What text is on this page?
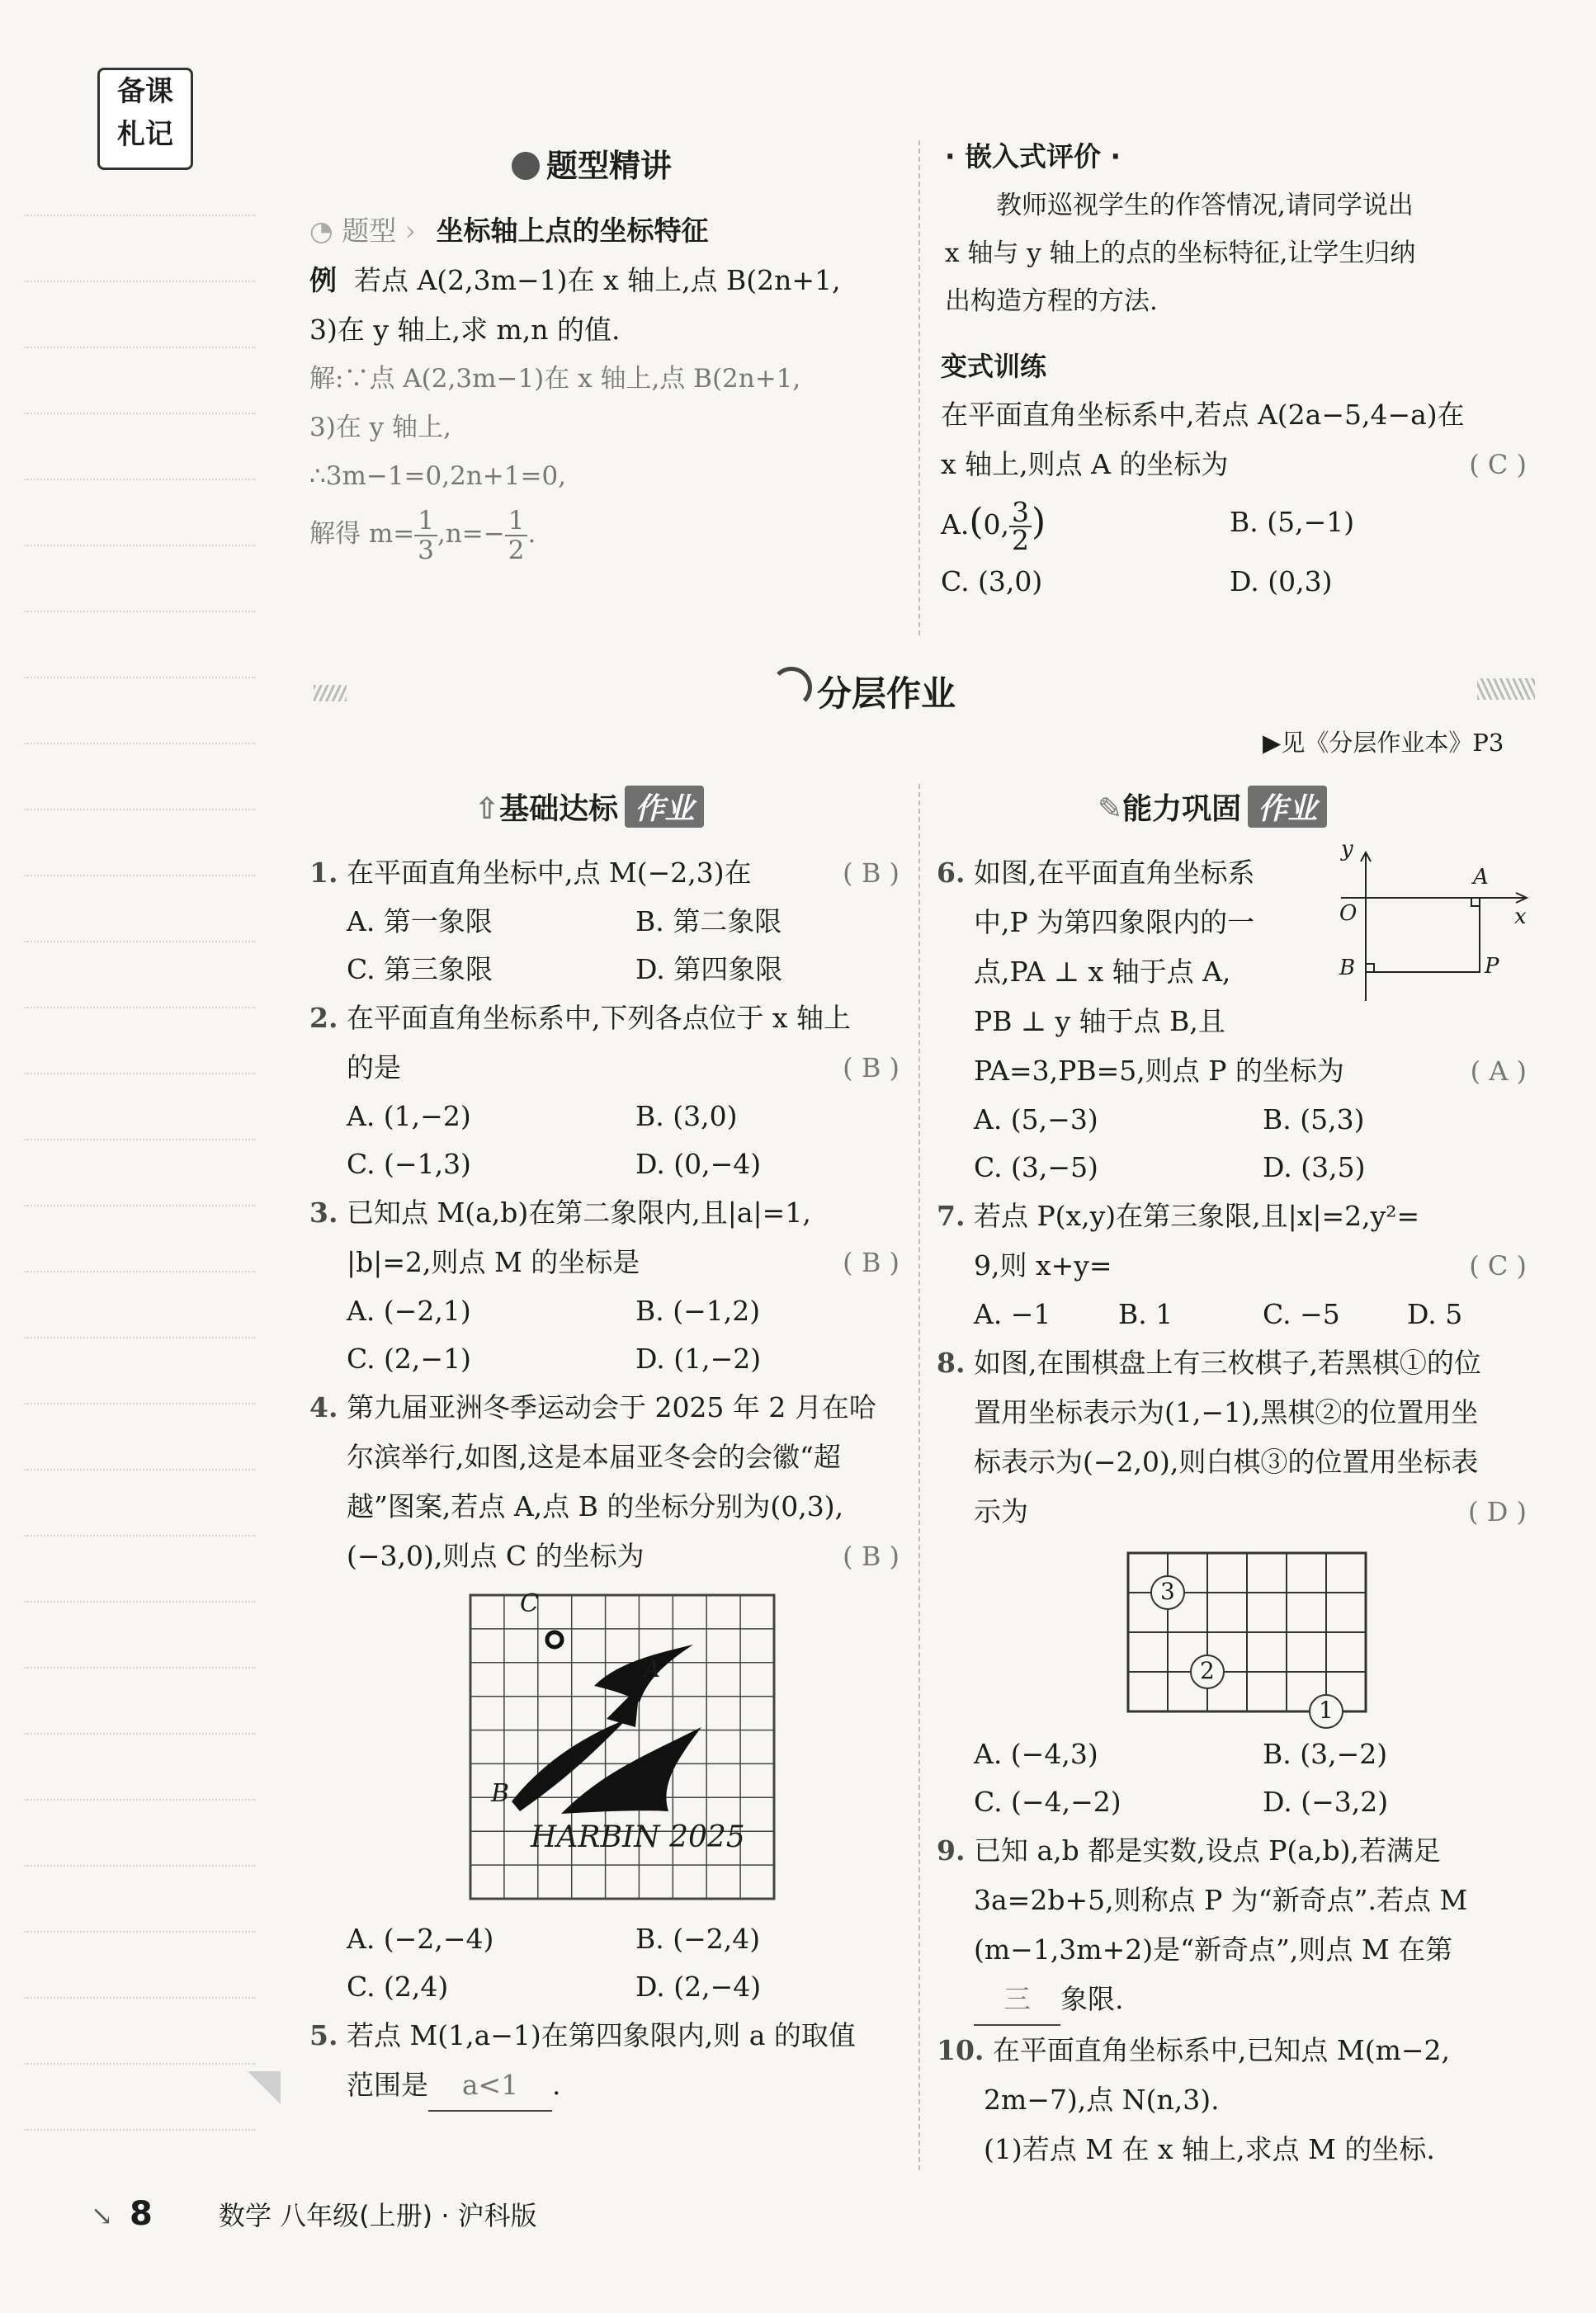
备课
札记
题型精讲
◔ 题型 › 坐标轴上点的坐标特征
例 若点 A(2,3m−1)在 x 轴上,点 B(2n+1,
3)在 y 轴上,求 m,n 的值.
解:∵点 A(2,3m−1)在 x 轴上,点 B(2n+1,
3)在 y 轴上,
∴3m−1=0,2n+1=0,
解得 $m= \frac{1}{3} ,n=- \frac{1}{2}$ .
· 嵌入式评价 ·
教师巡视学生的作答情况,请同学说出
x 轴与 y 轴上的点的坐标特征,让学生归纳
出构造方程的方法.
变式训练
在平面直角坐标系中,若点 A(2a−5,4−a)在
x 轴上,则点 A 的坐标为	( C )
A.(0, $\frac{3}{2}$ )	B. (5,−1)
C. (3,0)	D. (0,3)
分层作业
▶见《分层作业本》P3
⇧基础达标 作业	✎能力巩固 作业
1. 在平面直角坐标中,点 M(−2,3)在	( B )
A. 第一象限	B. 第二象限
C. 第三象限	D. 第四象限
2. 在平面直角坐标系中,下列各点位于 x 轴上
的是	( B )
A. (1,−2)	B. (3,0)
C. (−1,3)	D. (0,−4)
3. 已知点 M(a,b)在第二象限内,且|a|=1,
|b|=2,则点 M 的坐标是	( B )
A. (−2,1)	B. (−1,2)
C. (2,−1)	D. (1,−2)
4. 第九届亚洲冬季运动会于 2025 年 2 月在哈
尔滨举行,如图,这是本届亚冬会的会徽“超
越”图案,若点 A,点 B 的坐标分别为(0,3),
(−3,0),则点 C 的坐标为	( B )
C
A
B
HARBIN 2025
A. (−2,−4)	B. (−2,4)
C. (2,4)	D. (2,−4)
5. 若点 M(1,a−1)在第四象限内,则 a 的取值
范围是 a<1 .
6. 如图,在平面直角坐标系
中,P 为第四象限内的一
点,PA ⊥ x 轴于点 A,
PB ⊥ y 轴于点 B,且
PA=3,PB=5,则点 P 的坐标为	( A )
y
x
O
A
B	P
A. (5,−3)	B. (5,3)
C. (3,−5)	D. (3,5)
7. 若点 P(x,y)在第三象限,且|x|=2,y²=
9,则 x+y=	( C )
A. −1	B. 1	C. −5	D. 5
8. 如图,在围棋盘上有三枚棋子,若黑棋①的位
置用坐标表示为(1,−1),黑棋②的位置用坐
标表示为(−2,0),则白棋③的位置用坐标表
示为	( D )
3
2
1
A. (−4,3)	B. (3,−2)
C. (−4,−2)	D. (−3,2)
9. 已知 a,b 都是实数,设点 P(a,b),若满足
3a=2b+5,则称点 P 为“新奇点”.若点 M
(m−1,3m+2)是“新奇点”,则点 M 在第
三 象限.
10. 在平面直角坐标系中,已知点 M(m−2,
2m−7),点 N(n,3).
(1)若点 M 在 x 轴上,求点 M 的坐标.
↘ 8	数学 八年级(上册) · 沪科版
